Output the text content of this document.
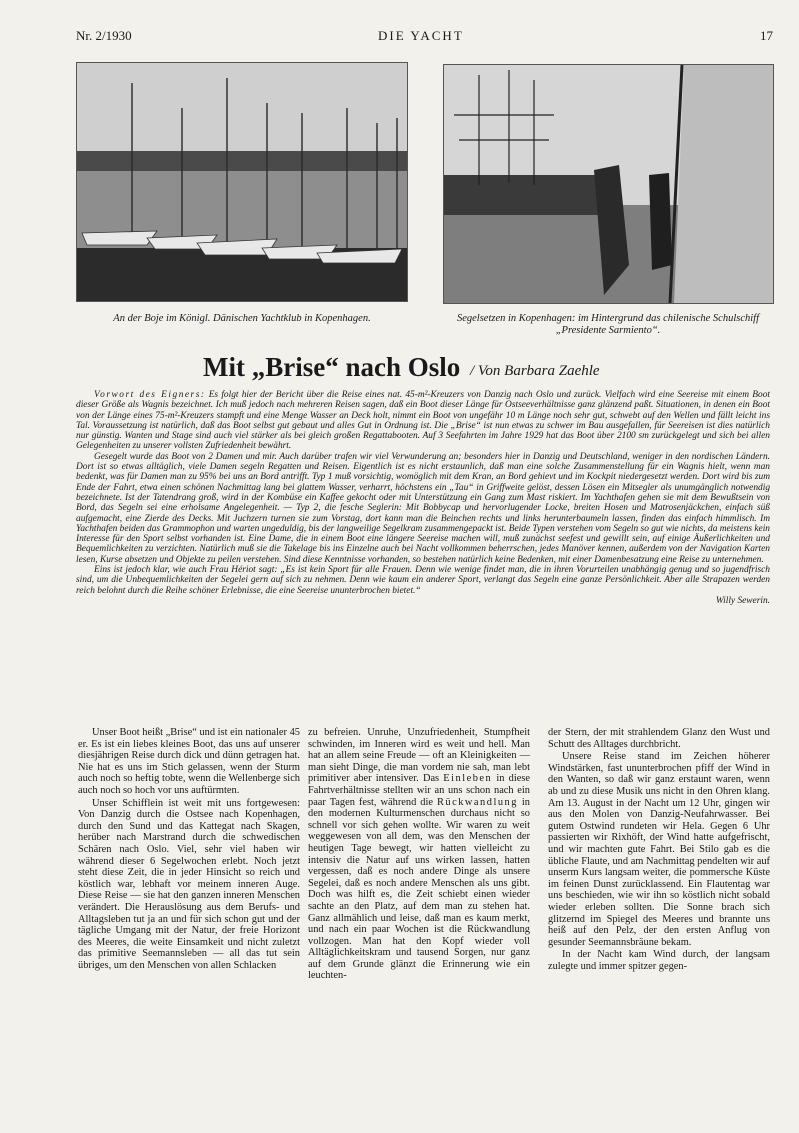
Nr. 2/1930	DIE YACHT	17
An der Boje im Königl. Dänischen Yachtklub in Kopenhagen.	Segelsetzen in Kopenhagen: im Hintergrund das chilenische Schulschiff „Presidente Sarmiento“.
Mit „Brise“ nach Oslo / Von Barbara Zaehle

Vorwort des Eigners: Es folgt hier der Bericht über die Reise eines nat. 45-m²-Kreuzers von Danzig nach Oslo und zurück. Vielfach wird eine Seereise mit einem Boot dieser Größe als Wagnis bezeichnet. Ich muß jedoch nach mehreren Reisen sagen, daß ein Boot dieser Länge für Ostseeverhältnisse ganz glänzend paßt. Situationen, in denen ein Boot von der Länge eines 75-m²-Kreuzers stampft und eine Menge Wasser an Deck holt, nimmt ein Boot von ungefähr 10 m Länge noch sehr gut, schwebt auf den Wellen und fällt leicht ins Tal. Voraussetzung ist natürlich, daß das Boot selbst gut gebaut und alles Gut in Ordnung ist. Die „Brise“ ist nun etwas zu schwer im Bau ausgefallen, für Seereisen ist dies natürlich nur günstig. Wanten und Stage sind auch viel stärker als bei gleich großen Regattabooten. Auf 3 Seefahrten im Jahre 1929 hat das Boot über 2100 sm zurückgelegt und sich bei allen Gelegenheiten zu unserer vollsten Zufriedenheit bewährt.

Gesegelt wurde das Boot von 2 Damen und mir. Auch darüber trafen wir viel Verwunderung an; besonders hier in Danzig und Deutschland, weniger in den nordischen Ländern. Dort ist so etwas alltäglich, viele Damen segeln Regatten und Reisen. Eigentlich ist es nicht erstaunlich, daß man eine solche Zusammenstellung für ein Wagnis hielt, wenn man bedenkt, was für Damen man zu 95% bei uns an Bord antrifft. Typ 1 muß vorsichtig, womöglich mit dem Kran, an Bord gehievt und im Kockpit niedergesetzt werden. Dort wird bis zum Ende der Fahrt, etwa einen schönen Nachmittag lang bei glattem Wasser, verharrt, höchstens ein „Tau“ in Griffweite gelöst, dessen Lösen ein Mitsegler als unumgänglich notwendig bezeichnete. Ist der Tatendrang groß, wird in der Kombüse ein Kaffee gekocht oder mit Unterstützung ein Gang zum Mast riskiert. Im Yachthafen gehen sie mit dem Bewußtsein von Bord, das Segeln sei eine erholsame Angelegenheit. — Typ 2, die fesche Seglerin: Mit Bobbycap und hervorlugender Locke, breiten Hosen und Matrosenjäckchen, einfach süß aufgemacht, eine Zierde des Decks. Mit Juchzern turnen sie zum Vorstag, dort kann man die Beinchen rechts und links herunterbaumeln lassen, finden das einfach himmlisch. Im Yachthafen beiden das Grammophon und warten ungeduldig, bis der langweilige Segelkram zusammengepackt ist. Beide Typen verstehen vom Segeln so gut wie nichts, da meistens kein Interesse für den Sport selbst vorhanden ist. Eine Dame, die in einem Boot eine längere Seereise machen will, muß zunächst seefest und gewillt sein, auf einige Äußerlichkeiten und Bequemlichkeiten zu verzichten. Natürlich muß sie die Takelage bis ins Einzelne auch bei Nacht vollkommen beherrschen, jedes Manöver kennen, außerdem von der Navigation Karten lesen, Kurse absetzen und Objekte zu peilen verstehen. Sind diese Kenntnisse vorhanden, so bestehen natürlich keine Bedenken, mit einer Damenbesatzung eine Reise zu unternehmen.

Eins ist jedoch klar, wie auch Frau Hériot sagt: „Es ist kein Sport für alle Frauen. Denn wie wenige findet man, die in ihren Vorurteilen unabhängig genug und so jugendfrisch sind, um die Unbequemlichkeiten der Segelei gern auf sich zu nehmen. Denn wie kaum ein anderer Sport, verlangt das Segeln eine ganze Persönlichkeit. Aber alle Strapazen werden reich belohnt durch die Reihe schöner Erlebnisse, die eine Seereise ununterbrochen bietet.“
Willy Sewerin.

Unser Boot heißt „Brise“ und ist ein nationaler 45 er. Es ist ein liebes kleines Boot, das uns auf unserer diesjährigen Reise durch dick und dünn getragen hat. Nie hat es uns im Stich gelassen, wenn der Sturm auch noch so heftig tobte, wenn die Wellenberge sich auch noch so hoch vor uns auftürmten.

Unser Schifflein ist weit mit uns fortgewesen: Von Danzig durch die Ostsee nach Kopenhagen, durch den Sund und das Kattegat nach Skagen, herüber nach Marstrand durch die schwedischen Schären nach Oslo. Viel, sehr viel haben wir während dieser 6 Segelwochen erlebt. Noch jetzt steht diese Zeit, die in jeder Hinsicht so reich und köstlich war, lebhaft vor meinem inneren Auge. Diese Reise — sie hat den ganzen inneren Menschen verändert. Die Herauslösung aus dem Berufs- und Alltagsleben tut ja an und für sich schon gut und der tägliche Umgang mit der Natur, der freie Horizont des Meeres, die weite Einsamkeit und nicht zuletzt das primitive Seemannsleben — all das tut sein übriges, um den Menschen von allen Schlacken

zu befreien. Unruhe, Unzufriedenheit, Stumpfheit schwinden, im Inneren wird es weit und hell. Man hat an allem seine Freude — oft an Kleinigkeiten — man sieht Dinge, die man vordem nie sah, man lebt primitiver aber intensiver. Das Einleben in diese Fahrtverhältnisse stellten wir an uns schon nach ein paar Tagen fest, während die Rückwandlung in den modernen Kulturmenschen durchaus nicht so schnell vor sich gehen wollte. Wir waren zu weit weggewesen von all dem, was den Menschen der heutigen Tage bewegt, wir hatten vielleicht zu intensiv die Natur auf uns wirken lassen, hatten vergessen, daß es noch andere Dinge als unsere Segelei, daß es noch andere Menschen als uns gibt. Doch was hilft es, die Zeit schiebt einen wieder sachte an den Platz, auf dem man zu stehen hat. Ganz allmählich und leise, daß man es kaum merkt, und nach ein paar Wochen ist die Rückwandlung vollzogen. Man hat den Kopf wieder voll Alltäglichkeitskram und tausend Sorgen, nur ganz auf dem Grunde glänzt die Erinnerung wie ein leuchten-

der Stern, der mit strahlendem Glanz den Wust und Schutt des Alltages durchbricht.

Unsere Reise stand im Zeichen höherer Windstärken, fast ununterbrochen pfiff der Wind in den Wanten, so daß wir ganz erstaunt waren, wenn ab und zu diese Musik uns nicht in den Ohren klang. Am 13. August in der Nacht um 12 Uhr, gingen wir aus den Molen von Danzig-Neufahrwasser. Bei gutem Ostwind rundeten wir Hela. Gegen 6 Uhr passierten wir Rixhöft, der Wind hatte aufgefrischt, und wir machten gute Fahrt. Bei Stilo gab es die übliche Flaute, und am Nachmittag pendelten wir auf unserm Kurs langsam weiter, die pommersche Küste im feinen Dunst zurücklassend. Ein Flautentag war uns beschieden, wie wir ihn so köstlich nicht sobald wieder erleben sollten. Die Sonne brach sich glitzernd im Spiegel des Meeres und brannte uns heiß auf den Pelz, der den ersten Anflug von gesunder Seemannsbräune bekam.

In der Nacht kam Wind durch, der langsam zulegte und immer spitzer gegen-
